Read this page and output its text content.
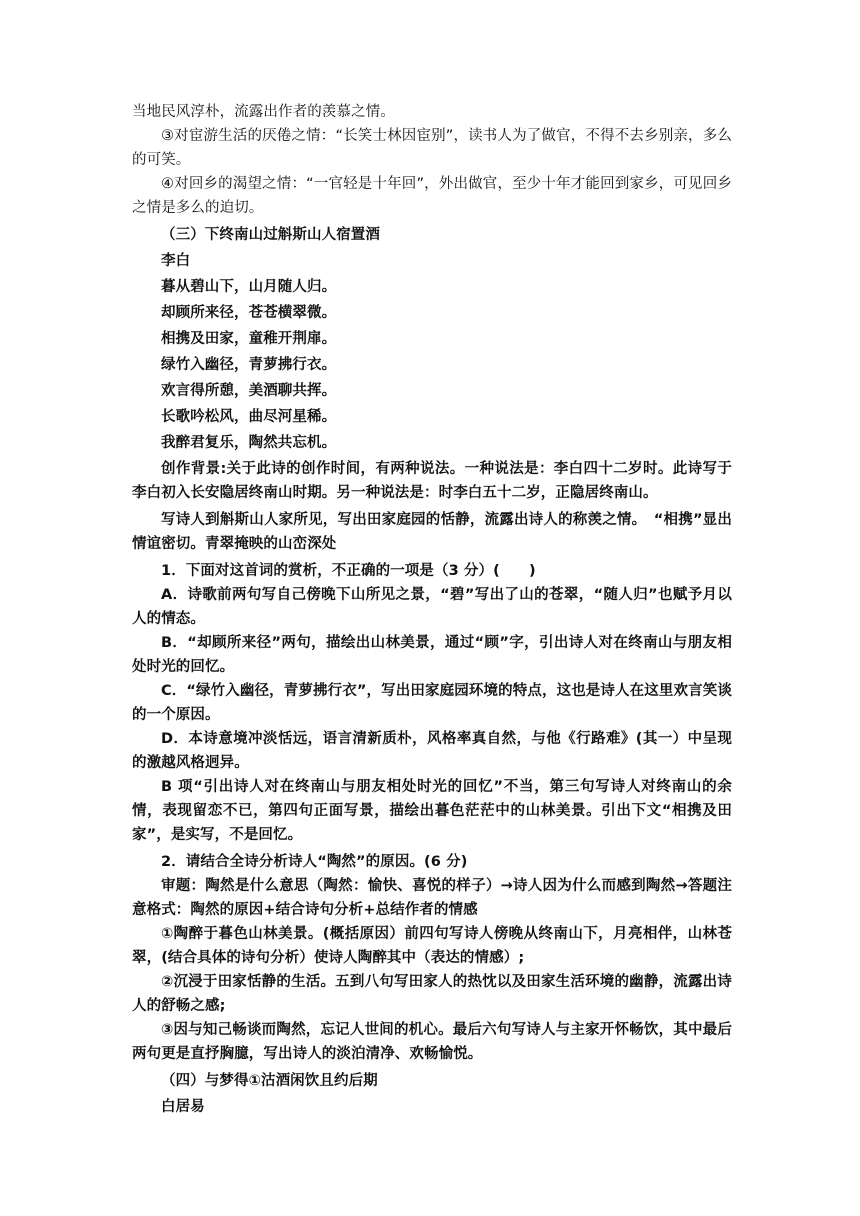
当地民风淳朴，流露出作者的羡慕之情。

③对宦游生活的厌倦之情：“长笑士林因宦别”，读书人为了做官，不得不去乡别亲，多么的可笑。

④对回乡的渴望之情：“一官轻是十年回”，外出做官，至少十年才能回到家乡，可见回乡之情是多么的迫切。

（三）下终南山过斛斯山人宿置酒

李白

暮从碧山下，山月随人归。

却顾所来径，苍苍横翠微。

相携及田家，童稚开荆扉。

绿竹入幽径，青萝拂行衣。

欢言得所憩，美酒聊共挥。

长歌吟松风，曲尽河星稀。

我醉君复乐，陶然共忘机。

创作背景:关于此诗的创作时间，有两种说法。一种说法是：李白四十二岁时。此诗写于李白初入长安隐居终南山时期。另一种说法是：时李白五十二岁，正隐居终南山。

写诗人到斛斯山人家所见，写出田家庭园的恬静，流露出诗人的称羡之情。　“相携”显出情谊密切。青翠掩映的山峦深处

1．下面对这首词的赏析，不正确的一项是（3 分）(　　)

A．诗歌前两句写自己傍晚下山所见之景，“碧”写出了山的苍翠，“随人归”也赋予月以人的情态。

B．“却顾所来径”两句，描绘出山林美景，通过“顾”字，引出诗人对在终南山与朋友相处时光的回忆。

C．“绿竹入幽径，青萝拂行衣”，写出田家庭园环境的特点，这也是诗人在这里欢言笑谈的一个原因。

D．本诗意境冲淡恬远，语言清新质朴，风格率真自然，与他《行路难》(其一）中呈现的激越风格迥异。

B 项“引出诗人对在终南山与朋友相处时光的回忆”不当，第三句写诗人对终南山的余情，表现留恋不已，第四句正面写景，描绘出暮色茫茫中的山林美景。引出下文“相携及田家”，是实写，不是回忆。

2．请结合全诗分析诗人“陶然”的原因。(6 分)

审题：陶然是什么意思（陶然：愉快、喜悦的样子）→诗人因为什么而感到陶然→答题注意格式：陶然的原因+结合诗句分析+总结作者的情感

①陶醉于暮色山林美景。(概括原因）前四句写诗人傍晚从终南山下，月亮相伴，山林苍翠，(结合具体的诗句分析）使诗人陶醉其中（表达的情感）;

②沉浸于田家恬静的生活。五到八句写田家人的热忱以及田家生活环境的幽静，流露出诗人的舒畅之感;

③因与知己畅谈而陶然，忘记人世间的机心。最后六句写诗人与主家开怀畅饮，其中最后两句更是直抒胸臆，写出诗人的淡泊清净、欢畅愉悦。

（四）与梦得①沽酒闲饮且约后期

白居易
